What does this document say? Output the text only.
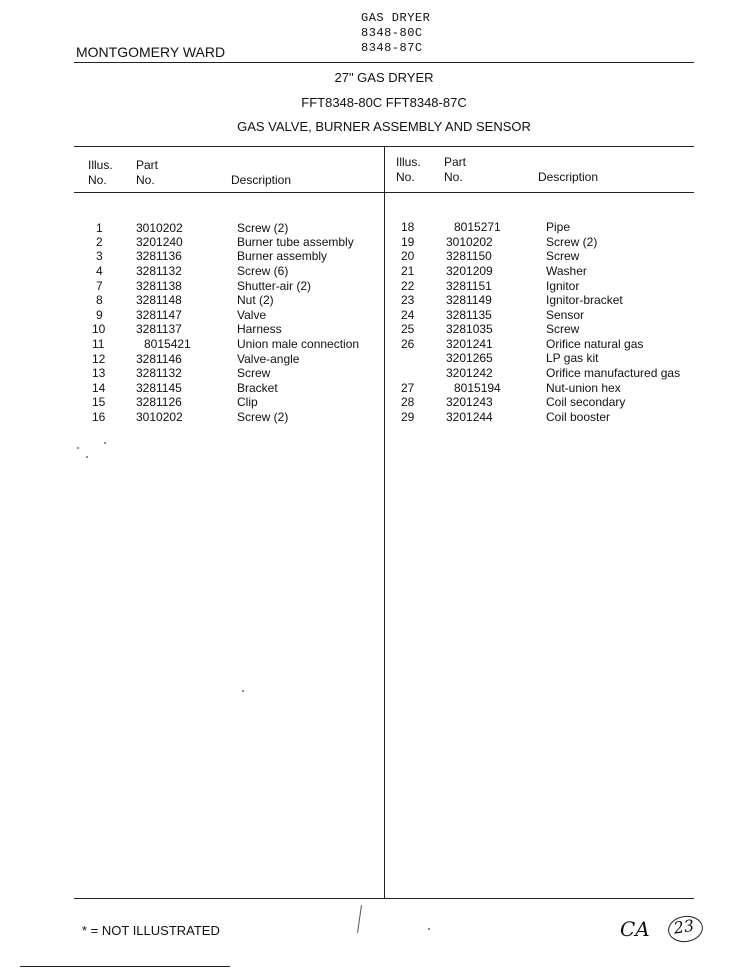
GAS DRYER
8348-80C
8348-87C
MONTGOMERY WARD
27" GAS DRYER
FFT8348-80C FFT8348-87C
GAS VALVE, BURNER ASSEMBLY AND SENSOR
Illus.
No.
Part
No.	Description
Illus.
No.
Part
No.	Description
1	3010202	Screw (2)
2	3201240	Burner tube assembly
3	3281136	Burner assembly
4	3281132	Screw (6)
7	3281138	Shutter-air (2)
8	3281148	Nut (2)
9	3281147	Valve
10	3281137	Harness
11	8015421	Union male connection
12	3281146	Valve-angle
13	3281132	Screw
14	3281145	Bracket
15	3281126	Clip
16	3010202	Screw (2)
18	8015271	Pipe
19	3010202	Screw (2)
20	3281150	Screw
21	3201209	Washer
22	3281151	Ignitor
23	3281149	Ignitor-bracket
24	3281135	Sensor
25	3281035	Screw
26	3201241	Orifice natural gas
3201265	LP gas kit
3201242	Orifice manufactured gas
27	8015194	Nut-union hex
28	3201243	Coil secondary
29	3201244	Coil booster
* = NOT ILLUSTRATED	CA 23
